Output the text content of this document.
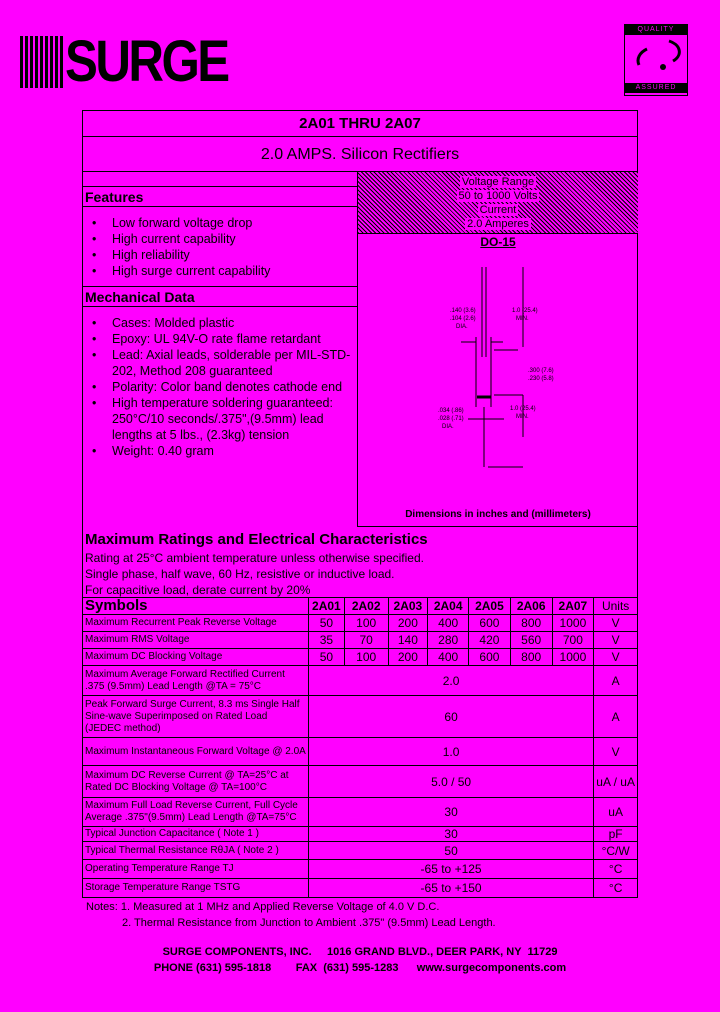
SURGE	QUALITY
ASSURED
2A01 THRU 2A07
2.0 AMPS. Silicon Rectifiers
Features
• Low forward voltage drop
• High current capability
• High reliability
• High surge current capability
Mechanical Data
• Cases: Molded plastic
• Epoxy: UL 94V-O rate flame retardant
• Lead: Axial leads, solderable per MIL-STD-202, Method 208 guaranteed
• Polarity: Color band denotes cathode end
• High temperature soldering guaranteed: 250°C/10 seconds/.375",(9.5mm) lead lengths at 5 lbs., (2.3kg) tension
• Weight: 0.40 gram
Voltage Range
50 to 1000 Volts
Current
2.0 Amperes
DO-15
.140 (3.6)
.104 (2.6)
DIA.
1.0 (25.4)
MIN.
.300 (7.6)
.230 (5.8)
1.0 (25.4)
MIN.
.034 (.86)
.028 (.71)
DIA.
Dimensions in inches and (millimeters)
Maximum Ratings and Electrical Characteristics
Rating at 25°C ambient temperature unless otherwise specified.
Single phase, half wave, 60 Hz, resistive or inductive load.
For capacitive load, derate current by 20%
Symbols	2A01	2A02	2A03	2A04	2A05	2A06	2A07	Units
Maximum Recurrent Peak Reverse Voltage	50	100	200	400	600	800	1000	V
Maximum RMS Voltage	35	70	140	280	420	560	700	V
Maximum DC Blocking Voltage	50	100	200	400	600	800	1000	V
Maximum Average Forward Rectified Current .375 (9.5mm) Lead Length @TA = 75°C	2.0							A
Peak Forward Surge Current, 8.3 ms Single Half Sine-wave Superimposed on Rated Load (JEDEC method)	60							A
Maximum Instantaneous Forward Voltage @ 2.0A	1.0							V
Maximum DC Reverse Current @ TA=25°C at Rated DC Blocking Voltage @ TA=100°C	5.0 / 50							uA / uA
Maximum Full Load Reverse Current, Full Cycle Average .375"(9.5mm) Lead Length @TA=75°C	30							uA
Typical Junction Capacitance ( Note 1 )	30							pF
Typical Thermal Resistance RθJA ( Note 2 )	50							°C/W
Operating Temperature Range TJ	-65 to +125							°C
Storage Temperature Range TSTG	-65 to +150							°C
Notes: 1. Measured at 1 MHz and Applied Reverse Voltage of 4.0 V D.C.
2. Thermal Resistance from Junction to Ambient .375" (9.5mm) Lead Length.
SURGE COMPONENTS, INC.     1016 GRAND BLVD., DEER PARK, NY  11729
PHONE (631) 595-1818        FAX  (631) 595-1283      www.surgecomponents.com
